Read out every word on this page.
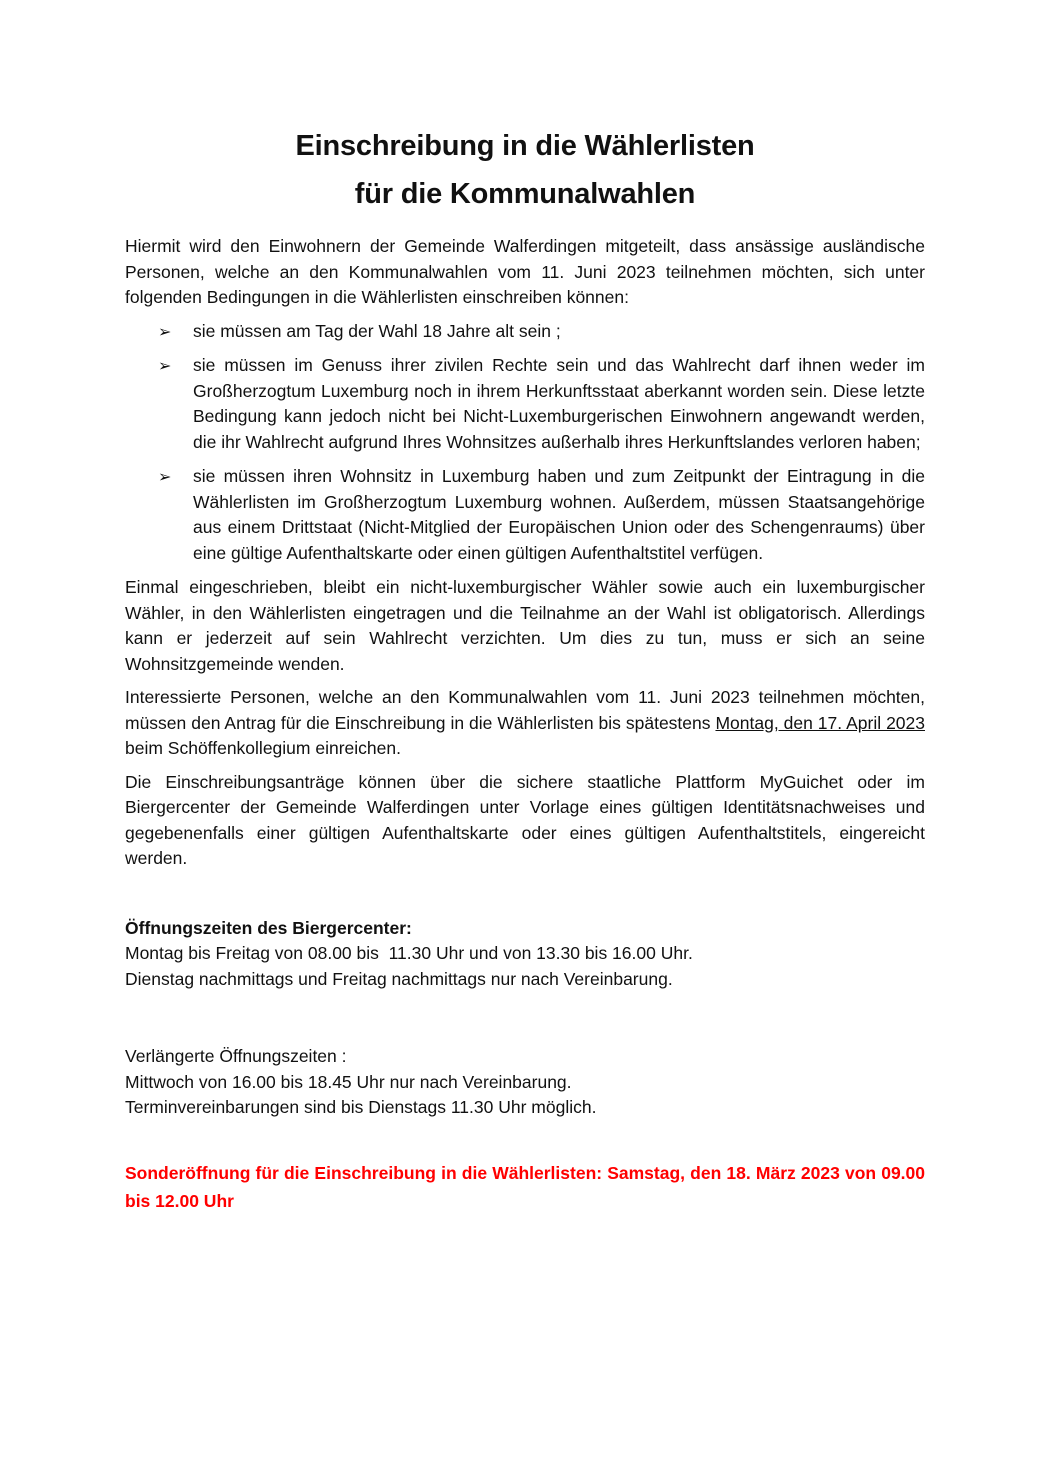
Einschreibung in die Wählerlisten
für die Kommunalwahlen

Hiermit wird den Einwohnern der Gemeinde Walferdingen mitgeteilt, dass ansässige ausländische Personen, welche an den Kommunalwahlen vom 11. Juni 2023 teilnehmen möchten, sich unter folgenden Bedingungen in die Wählerlisten einschreiben können:

➢	sie müssen am Tag der Wahl 18 Jahre alt sein ;
➢	sie müssen im Genuss ihrer zivilen Rechte sein und das Wahlrecht darf ihnen weder im Großherzogtum Luxemburg noch in ihrem Herkunftsstaat aberkannt worden sein. Diese letzte Bedingung kann jedoch nicht bei Nicht-Luxemburgerischen Einwohnern angewandt werden, die ihr Wahlrecht aufgrund Ihres Wohnsitzes außerhalb ihres Herkunftslandes verloren haben;
➢	sie müssen ihren Wohnsitz in Luxemburg haben und zum Zeitpunkt der Eintragung in die Wählerlisten im Großherzogtum Luxemburg wohnen. Außerdem, müssen Staatsangehörige aus einem Drittstaat (Nicht-Mitglied der Europäischen Union oder des Schengenraums) über eine gültige Aufenthaltskarte oder einen gültigen Aufenthaltstitel verfügen.

Einmal eingeschrieben, bleibt ein nicht-luxemburgischer Wähler sowie auch ein luxemburgischer Wähler, in den Wählerlisten eingetragen und die Teilnahme an der Wahl ist obligatorisch. Allerdings kann er jederzeit auf sein Wahlrecht verzichten. Um dies zu tun, muss er sich an seine Wohnsitzgemeinde wenden.

Interessierte Personen, welche an den Kommunalwahlen vom 11. Juni 2023 teilnehmen möchten, müssen den Antrag für die Einschreibung in die Wählerlisten bis spätestens Montag, den 17. April 2023 beim Schöffenkollegium einreichen.

Die Einschreibungsanträge können über die sichere staatliche Plattform MyGuichet oder im Biergercenter der Gemeinde Walferdingen unter Vorlage eines gültigen Identitätsnachweises und gegebenenfalls einer gültigen Aufenthaltskarte oder eines gültigen Aufenthaltstitels, eingereicht werden.

Öffnungszeiten des Biergercenter:
Montag bis Freitag von 08.00 bis  11.30 Uhr und von 13.30 bis 16.00 Uhr.
Dienstag nachmittags und Freitag nachmittags nur nach Vereinbarung.
Verlängerte Öffnungszeiten :
Mittwoch von 16.00 bis 18.45 Uhr nur nach Vereinbarung.
Terminvereinbarungen sind bis Dienstags 11.30 Uhr möglich.

Sonderöffnung für die Einschreibung in die Wählerlisten: Samstag, den 18. März 2023 von 09.00 bis 12.00 Uhr
